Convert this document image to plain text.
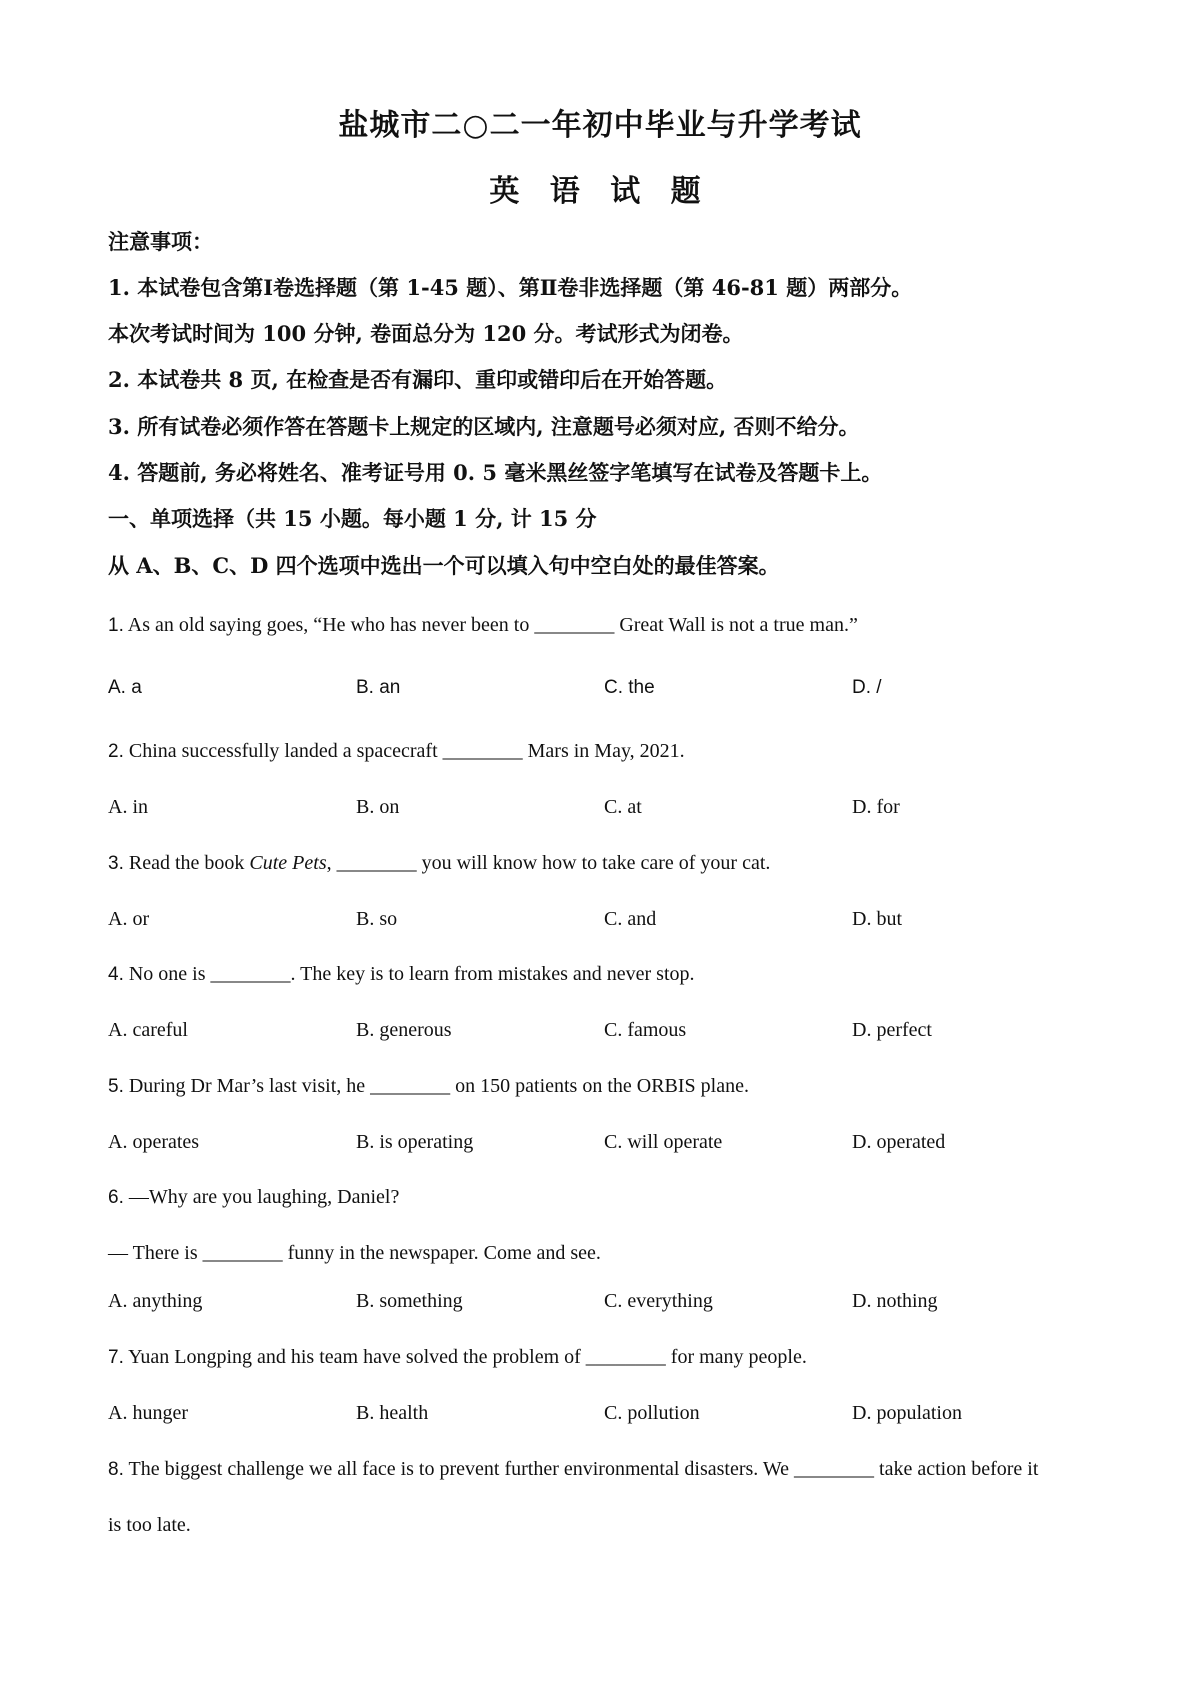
盐城市二○二一年初中毕业与升学考试
英 语 试 题
注意事项：
1. 本试卷包含第Ⅰ卷选择题（第 1-45 题）、第Ⅱ卷非选择题（第 46-81 题）两部分。
本次考试时间为 100 分钟, 卷面总分为 120 分。考试形式为闭卷。
2. 本试卷共 8 页, 在检查是否有漏印、重印或错印后在开始答题。
3. 所有试卷必须作答在答题卡上规定的区域内, 注意题号必须对应, 否则不给分。
4. 答题前, 务必将姓名、准考证号用 0. 5 毫米黑丝签字笔填写在试卷及答题卡上。
一、单项选择（共 15 小题。每小题 1 分, 计 15 分
从 A、B、C、D 四个选项中选出一个可以填入句中空白处的最佳答案。
1. As an old saying goes, “He who has never been to ________ Great Wall is not a true man.”
A. a	B. an	C. the	D. /
2. China successfully landed a spacecraft ________ Mars in May, 2021.
A. in	B. on	C. at	D. for
3. Read the book Cute Pets, ________ you will know how to take care of your cat.
A. or	B. so	C. and	D. but
4. No one is ________. The key is to learn from mistakes and never stop.
A. careful	B. generous	C. famous	D. perfect
5. During Dr Mar’s last visit, he ________ on 150 patients on the ORBIS plane.
A. operates	B. is operating	C. will operate	D. operated
6. —Why are you laughing, Daniel?
— There is ________ funny in the newspaper. Come and see.
A. anything	B. something	C. everything	D. nothing
7. Yuan Longping and his team have solved the problem of ________ for many people.
A. hunger	B. health	C. pollution	D. population
8. The biggest challenge we all face is to prevent further environmental disasters. We ________ take action before it
is too late.
